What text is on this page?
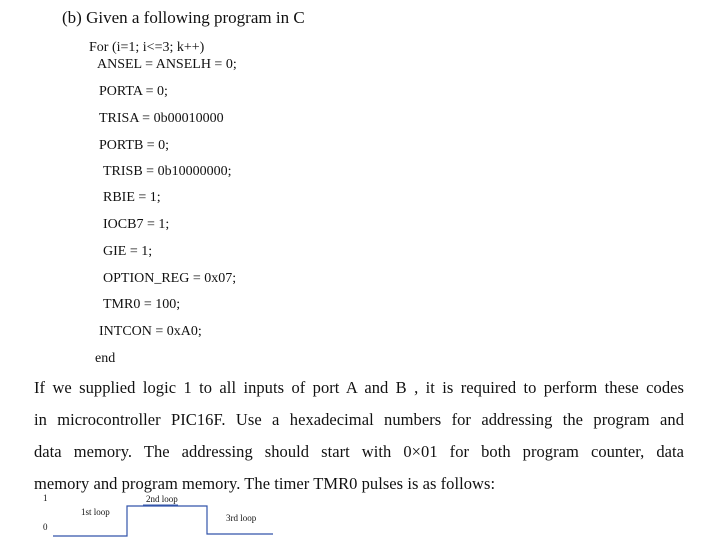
(b) Given a following program in C
For (i=1; i<=3; k++)
ANSEL = ANSELH = 0;
PORTA = 0;
TRISA = 0b00010000
PORTB = 0;
TRISB = 0b10000000;
RBIE = 1;
IOCB7 = 1;
GIE = 1;
OPTION_REG = 0x07;
TMR0 = 100;
INTCON = 0xA0;
end
If we supplied logic 1 to all inputs of port A and B , it is required to perform these codes
in microcontroller PIC16F. Use a hexadecimal numbers for addressing the program and
data memory. The addressing should start with 0×01 for both program counter, data
memory and program memory. The timer TMR0 pulses is as follows:
1
0
1st loop
2nd loop
3rd loop
